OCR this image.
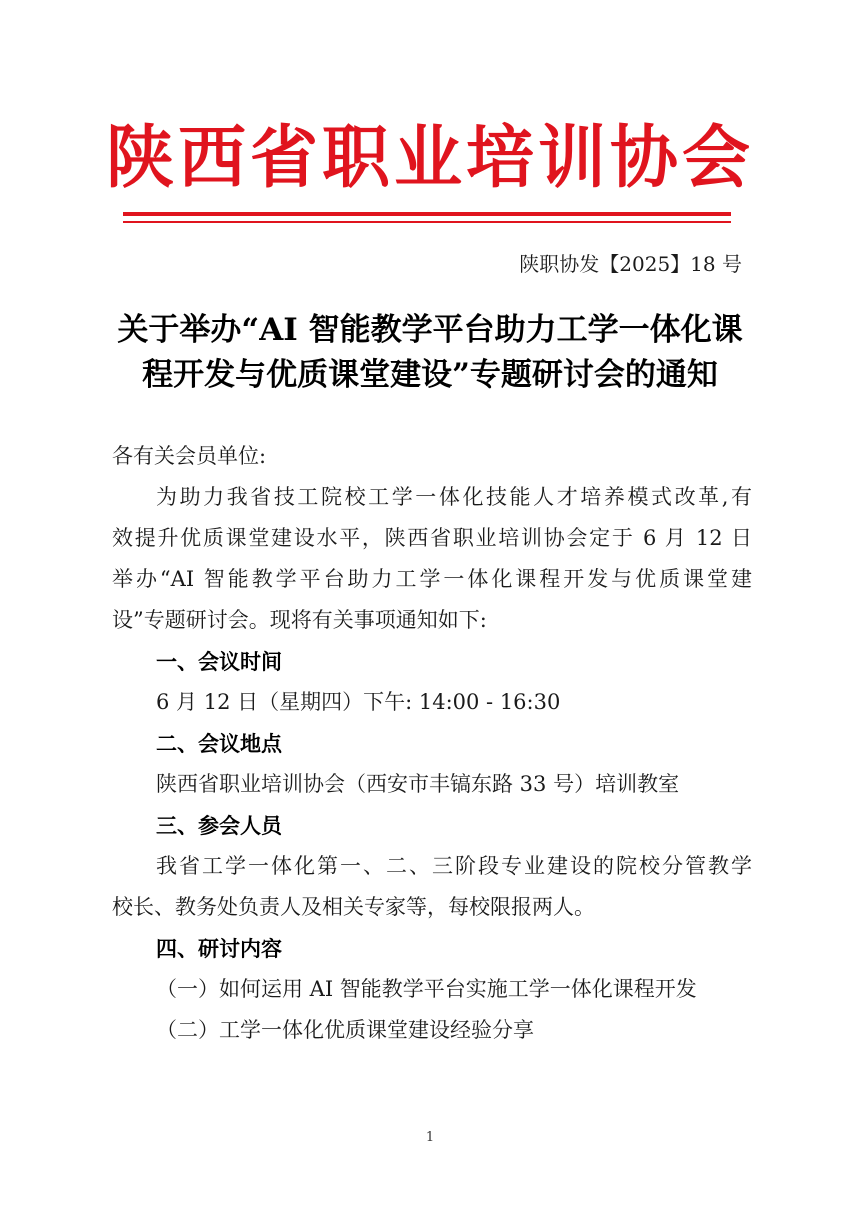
陕西省职业培训协会
陕职协发【2025】18 号
关于举办“AI 智能教学平台助力工学一体化课
程开发与优质课堂建设”专题研讨会的通知
各有关会员单位:
为助力我省技工院校工学一体化技能人才培养模式改革,有
效提升优质课堂建设水平，陕西省职业培训协会定于 6 月 12 日
举办“AI 智能教学平台助力工学一体化课程开发与优质课堂建
设”专题研讨会。现将有关事项通知如下:
一、会议时间
6 月 12 日（星期四）下午: 14:00 - 16:30
二、会议地点
陕西省职业培训协会（西安市丰镐东路 33 号）培训教室
三、参会人员
我省工学一体化第一、二、三阶段专业建设的院校分管教学
校长、教务处负责人及相关专家等，每校限报两人。
四、研讨内容
（一）如何运用 AI 智能教学平台实施工学一体化课程开发
（二）工学一体化优质课堂建设经验分享
1
